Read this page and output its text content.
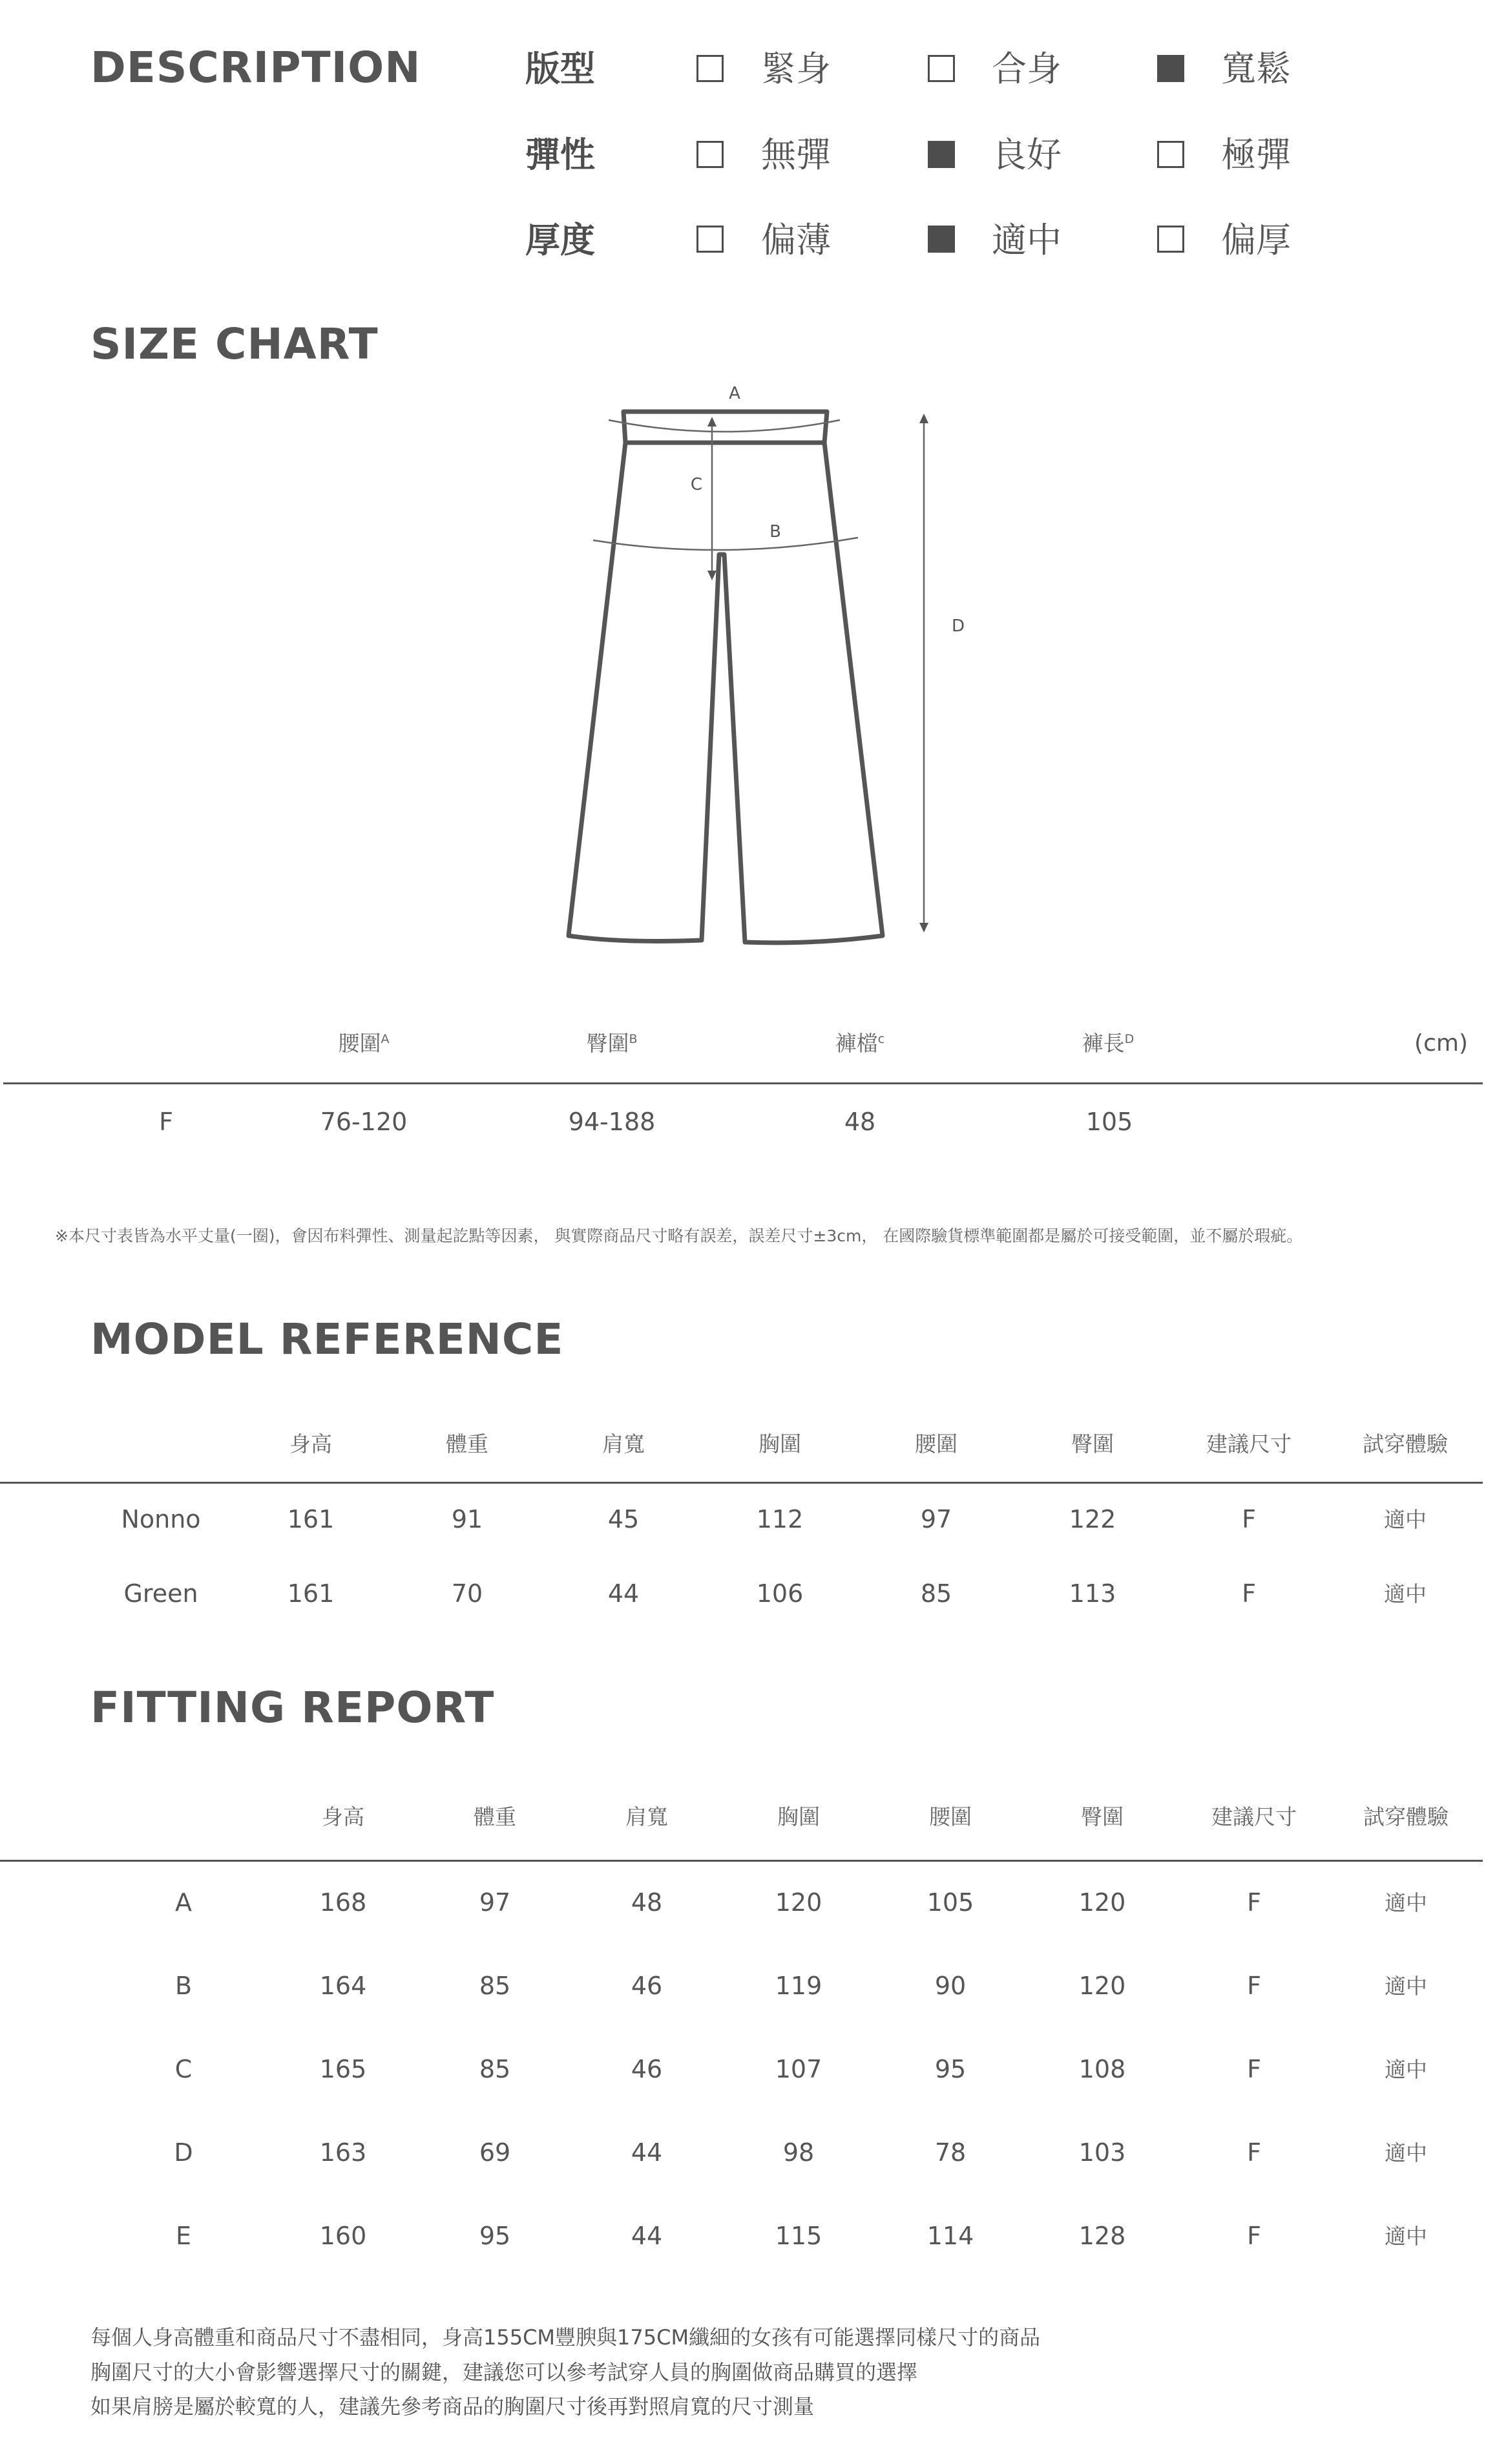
DESCRIPTION	版型	緊身	合身	寬鬆
彈性	無彈	良好	極彈
厚度	偏薄	適中	偏厚
SIZE CHART
A
B
C
D
腰圍$^A$	臀圍$^B$	褲檔$^c$	褲長$^D$	(cm)
F	76-120	94-188	48	105
※本尺寸表皆為水平丈量(一圈)，會因布料彈性、測量起訖點等因素， 與實際商品尺寸略有誤差，誤差尺寸±3cm， 在國際驗貨標準範圍都是屬於可接受範圍，並不屬於瑕疵。
MODEL REFERENCE
身高	體重	肩寬	胸圍	腰圍	臀圍	建議尺寸	試穿體驗
Nonno	161	91	45	112	97	122	F	適中
Green	161	70	44	106	85	113	F	適中
FITTING REPORT
身高	體重	肩寬	胸圍	腰圍	臀圍	建議尺寸	試穿體驗
A	168	97	48	120	105	120	F	適中
B	164	85	46	119	90	120	F	適中
C	165	85	46	107	95	108	F	適中
D	163	69	44	98	78	103	F	適中
E	160	95	44	115	114	128	F	適中
每個人身高體重和商品尺寸不盡相同，身高155CM豐腴與175CM纖細的女孩有可能選擇同樣尺寸的商品
胸圍尺寸的大小會影響選擇尺寸的關鍵，建議您可以參考試穿人員的胸圍做商品購買的選擇
如果肩膀是屬於較寬的人，建議先參考商品的胸圍尺寸後再對照肩寬的尺寸測量
